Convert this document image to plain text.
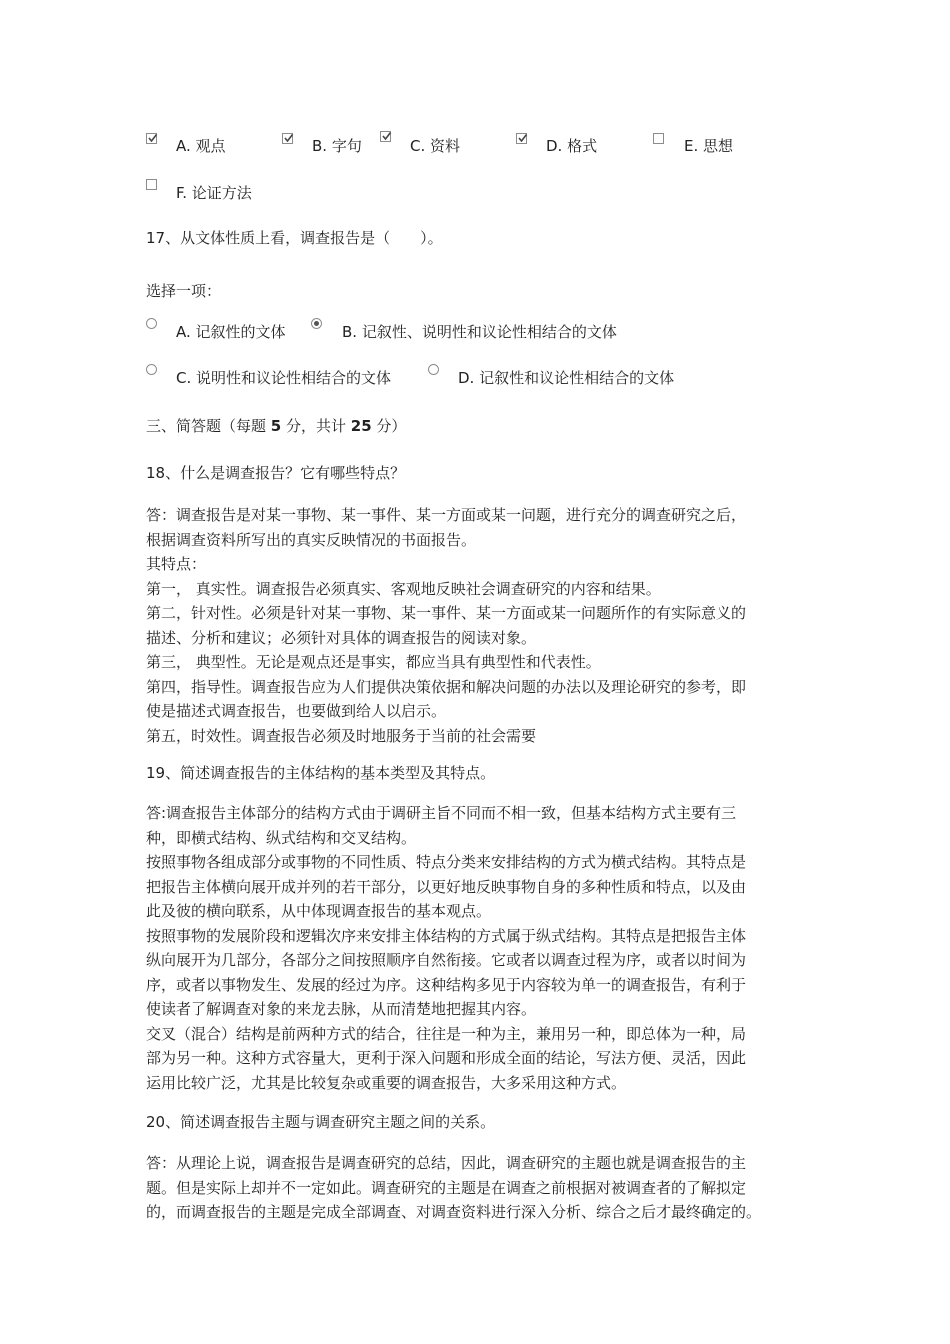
A. 观点	B. 字句	C. 资料	D. 格式	E. 思想
F. 论证方法
17、从文体性质上看，调查报告是（　　）。
选择一项：
A. 记叙性的文体	B. 记叙性、说明性和议论性相结合的文体
C. 说明性和议论性相结合的文体	D. 记叙性和议论性相结合的文体
三、简答题（每题 5 分，共计 25 分）
18、什么是调查报告？它有哪些特点？
答：调查报告是对某一事物、某一事件、某一方面或某一问题，进行充分的调查研究之后，
根据调查资料所写出的真实反映情况的书面报告。
其特点：
第一， 真实性。调查报告必须真实、客观地反映社会调查研究的内容和结果。
第二，针对性。必须是针对某一事物、某一事件、某一方面或某一问题所作的有实际意义的
描述、分析和建议；必须针对具体的调查报告的阅读对象。
第三， 典型性。无论是观点还是事实，都应当具有典型性和代表性。
第四，指导性。调查报告应为人们提供决策依据和解决问题的办法以及理论研究的参考，即
使是描述式调查报告，也要做到给人以启示。
第五，时效性。调查报告必须及时地服务于当前的社会需要
19、简述调查报告的主体结构的基本类型及其特点。
答:调查报告主体部分的结构方式由于调研主旨不同而不相一致，但基本结构方式主要有三
种，即横式结构、纵式结构和交叉结构。
按照事物各组成部分或事物的不同性质、特点分类来安排结构的方式为横式结构。其特点是
把报告主体横向展开成并列的若干部分，以更好地反映事物自身的多种性质和特点，以及由
此及彼的横向联系，从中体现调查报告的基本观点。
按照事物的发展阶段和逻辑次序来安排主体结构的方式属于纵式结构。其特点是把报告主体
纵向展开为几部分，各部分之间按照顺序自然衔接。它或者以调查过程为序，或者以时间为
序，或者以事物发生、发展的经过为序。这种结构多见于内容较为单一的调查报告，有利于
使读者了解调查对象的来龙去脉，从而清楚地把握其内容。
交叉（混合）结构是前两种方式的结合，往往是一种为主，兼用另一种，即总体为一种，局
部为另一种。这种方式容量大，更利于深入问题和形成全面的结论，写法方便、灵活，因此
运用比较广泛，尤其是比较复杂或重要的调查报告，大多采用这种方式。
20、简述调查报告主题与调查研究主题之间的关系。
答：从理论上说，调查报告是调查研究的总结，因此，调查研究的主题也就是调查报告的主
题。但是实际上却并不一定如此。调查研究的主题是在调查之前根据对被调查者的了解拟定
的，而调查报告的主题是完成全部调查、对调查资料进行深入分析、综合之后才最终确定的。
